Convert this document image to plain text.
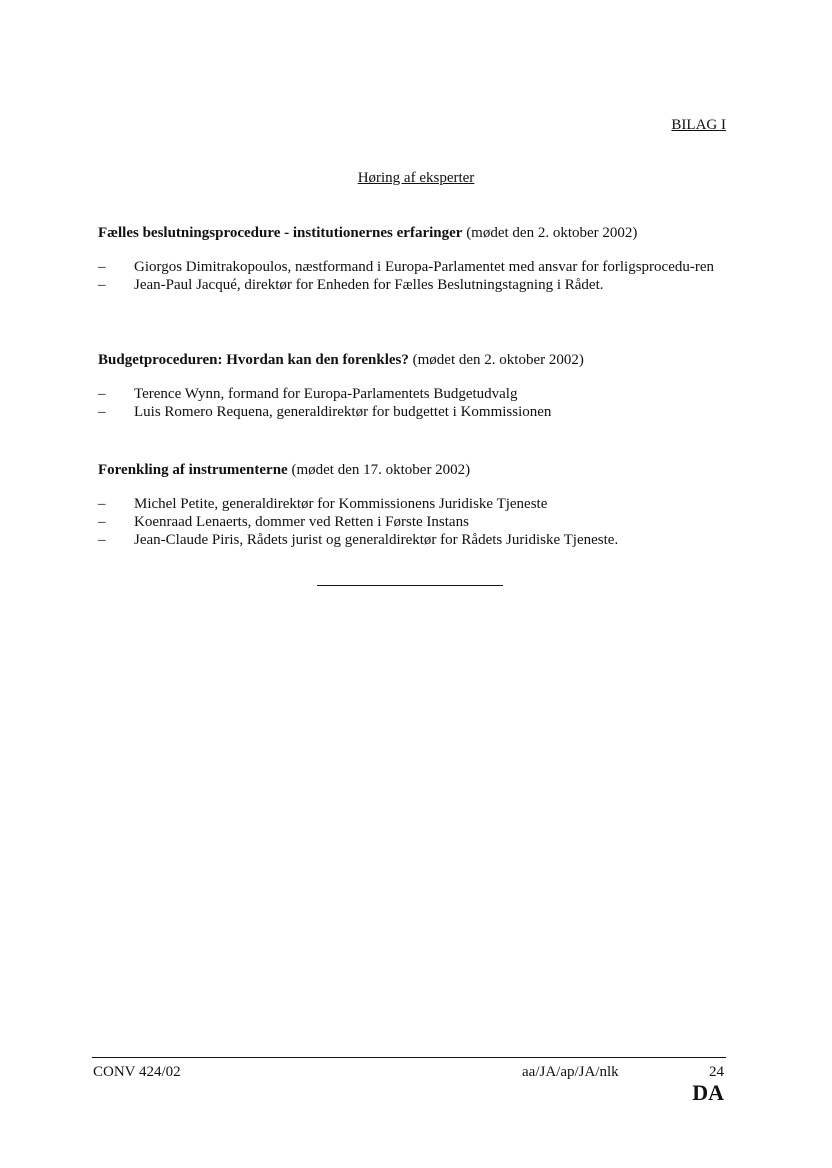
BILAG I
Høring af eksperter

Fælles beslutningsprocedure - institutionernes erfaringer (mødet den 2. oktober 2002)

– Giorgos Dimitrakopoulos, næstformand i Europa-Parlamentet med ansvar for forligsprocedu-ren
– Jean-Paul Jacqué, direktør for Enheden for Fælles Beslutningstagning i Rådet.

Budgetproceduren: Hvordan kan den forenkles? (mødet den 2. oktober 2002)

– Terence Wynn, formand for Europa-Parlamentets Budgetudvalg
– Luis Romero Requena, generaldirektør for budgettet i Kommissionen

Forenkling af instrumenterne (mødet den 17. oktober 2002)

– Michel Petite, generaldirektør for Kommissionens Juridiske Tjeneste
– Koenraad Lenaerts, dommer ved Retten i Første Instans
– Jean-Claude Piris, Rådets jurist og generaldirektør for Rådets Juridiske Tjeneste.
CONV 424/02	aa/JA/ap/JA/nlk	24
DA
